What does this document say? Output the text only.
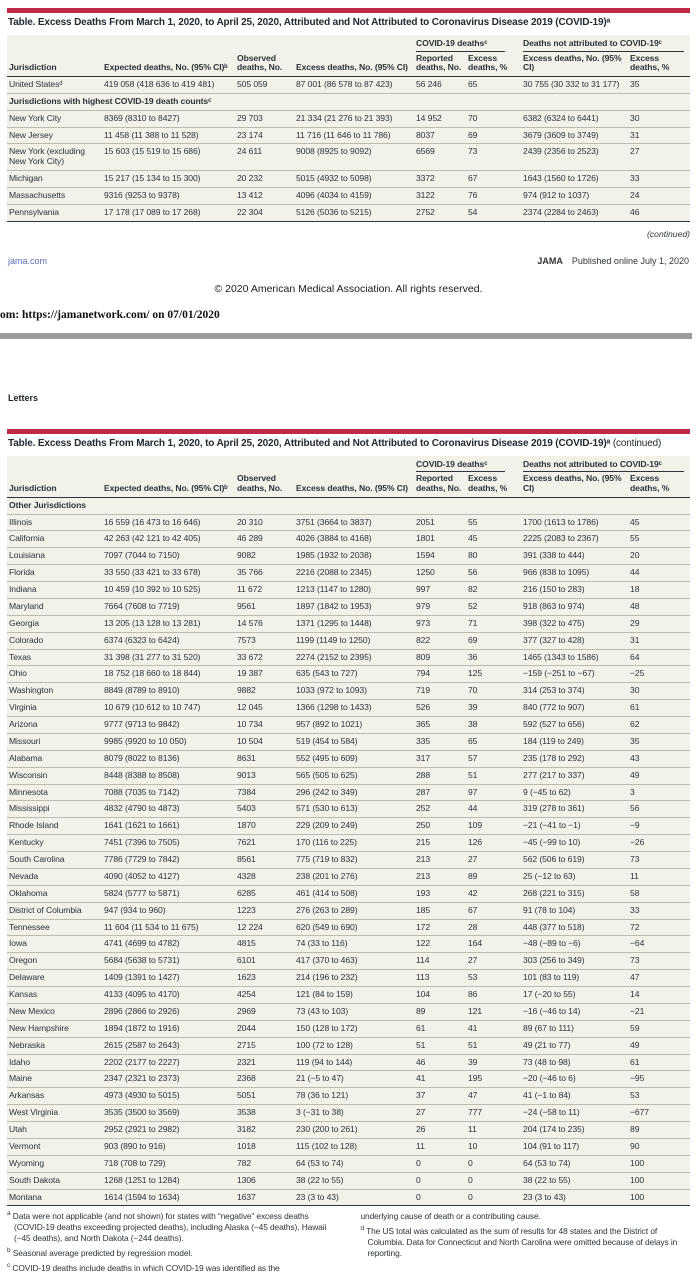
Table. Excess Deaths From March 1, 2020, to April 25, 2020, Attributed and Not Attributed to Coronavirus Disease 2019 (COVID-19)ᵃ

				COVID-19 deathsᶜ		Deaths not attributed to COVID-19ᶜ	

Jurisdiction	Expected deaths, No. (95% CI)ᵇ	Observed deaths, No.	Excess deaths, No. (95% CI)	Reported deaths, No.	Excess deaths, %	Excess deaths, No. (95% CI)	Excess deaths, %
United Statesᵈ	419 058 (418 636 to 419 481)	505 059	87 001 (86 578 to 87 423)	56 246	65	30 755 (30 332 to 31 177)	35
Jurisdictions with highest COVID-19 death countsᶜ							
New York City	8369 (8310 to 8427)	29 703	21 334 (21 276 to 21 393)	14 952	70	6382 (6324 to 6441)	30
New Jersey	11 458 (11 388 to 11 528)	23 174	11 716 (11 646 to 11 786)	8037	69	3679 (3609 to 3749)	31
New York (excluding New York City)	15 603 (15 519 to 15 686)	24 611	9008 (8925 to 9092)	6569	73	2439 (2356 to 2523)	27
Michigan	15 217 (15 134 to 15 300)	20 232	5015 (4932 to 5098)	3372	67	1643 (1560 to 1726)	33
Massachusetts	9316 (9253 to 9378)	13 412	4096 (4034 to 4159)	3122	76	974 (912 to 1037)	24
Pennsylvania	17 178 (17 089 to 17 268)	22 304	5126 (5036 to 5215)	2752	54	2374 (2284 to 2463)	46
(continued)
jama.com	JAMA Published online July 1, 2020
© 2020 American Medical Association. All rights reserved.
om: https://jamanetwork.com/ on 07/01/2020
Letters
Table. Excess Deaths From March 1, 2020, to April 25, 2020, Attributed and Not Attributed to Coronavirus Disease 2019 (COVID-19)ᵃ (continued)

				COVID-19 deathsᶜ		Deaths not attributed to COVID-19ᶜ	

Jurisdiction	Expected deaths, No. (95% CI)ᵇ	Observed deaths, No.	Excess deaths, No. (95% CI)	Reported deaths, No.	Excess deaths, %	Excess deaths, No. (95% CI)	Excess deaths, %
Other Jurisdictions							
Illinois	16 559 (16 473 to 16 646)	20 310	3751 (3664 to 3837)	2051	55	1700 (1613 to 1786)	45
California	42 263 (42 121 to 42 405)	46 289	4026 (3884 to 4168)	1801	45	2225 (2083 to 2367)	55
Louisiana	7097 (7044 to 7150)	9082	1985 (1932 to 2038)	1594	80	391 (338 to 444)	20
Florida	33 550 (33 421 to 33 678)	35 766	2216 (2088 to 2345)	1250	56	966 (838 to 1095)	44
Indiana	10 459 (10 392 to 10 525)	11 672	1213 (1147 to 1280)	997	82	216 (150 to 283)	18
Maryland	7664 (7608 to 7719)	9561	1897 (1842 to 1953)	979	52	918 (863 to 974)	48
Georgia	13 205 (13 128 to 13 281)	14 576	1371 (1295 to 1448)	973	71	398 (322 to 475)	29
Colorado	6374 (6323 to 6424)	7573	1199 (1149 to 1250)	822	69	377 (327 to 428)	31
Texas	31 398 (31 277 to 31 520)	33 672	2274 (2152 to 2395)	809	36	1465 (1343 to 1586)	64
Ohio	18 752 (18 660 to 18 844)	19 387	635 (543 to 727)	794	125	−159 (−251 to −67)	−25
Washington	8849 (8789 to 8910)	9882	1033 (972 to 1093)	719	70	314 (253 to 374)	30
Virginia	10 679 (10 612 to 10 747)	12 045	1366 (1298 to 1433)	526	39	840 (772 to 907)	61
Arizona	9777 (9713 to 9842)	10 734	957 (892 to 1021)	365	38	592 (527 to 656)	62
Missouri	9985 (9920 to 10 050)	10 504	519 (454 to 584)	335	65	184 (119 to 249)	35
Alabama	8079 (8022 to 8136)	8631	552 (495 to 609)	317	57	235 (178 to 292)	43
Wisconsin	8448 (8388 to 8508)	9013	565 (505 to 625)	288	51	277 (217 to 337)	49
Minnesota	7088 (7035 to 7142)	7384	296 (242 to 349)	287	97	9 (−45 to 62)	3
Mississippi	4832 (4790 to 4873)	5403	571 (530 to 613)	252	44	319 (278 to 361)	56
Rhode Island	1641 (1621 to 1661)	1870	229 (209 to 249)	250	109	−21 (−41 to −1)	−9
Kentucky	7451 (7396 to 7505)	7621	170 (116 to 225)	215	126	−45 (−99 to 10)	−26
South Carolina	7786 (7729 to 7842)	8561	775 (719 to 832)	213	27	562 (506 to 619)	73
Nevada	4090 (4052 to 4127)	4328	238 (201 to 276)	213	89	25 (−12 to 63)	11
Oklahoma	5824 (5777 to 5871)	6285	461 (414 to 508)	193	42	268 (221 to 315)	58
District of Columbia	947 (934 to 960)	1223	276 (263 to 289)	185	67	91 (78 to 104)	33
Tennessee	11 604 (11 534 to 11 675)	12 224	620 (549 to 690)	172	28	448 (377 to 518)	72
Iowa	4741 (4699 to 4782)	4815	74 (33 to 116)	122	164	−48 (−89 to −6)	−64
Oregon	5684 (5638 to 5731)	6101	417 (370 to 463)	114	27	303 (256 to 349)	73
Delaware	1409 (1391 to 1427)	1623	214 (196 to 232)	113	53	101 (83 to 119)	47
Kansas	4133 (4095 to 4170)	4254	121 (84 to 159)	104	86	17 (−20 to 55)	14
New Mexico	2896 (2866 to 2926)	2969	73 (43 to 103)	89	121	−16 (−46 to 14)	−21
New Hampshire	1894 (1872 to 1916)	2044	150 (128 to 172)	61	41	89 (67 to 111)	59
Nebraska	2615 (2587 to 2643)	2715	100 (72 to 128)	51	51	49 (21 to 77)	49
Idaho	2202 (2177 to 2227)	2321	119 (94 to 144)	46	39	73 (48 to 98)	61
Maine	2347 (2321 to 2373)	2368	21 (−5 to 47)	41	195	−20 (−46 to 6)	−95
Arkansas	4973 (4930 to 5015)	5051	78 (36 to 121)	37	47	41 (−1 to 84)	53
West Virginia	3535 (3500 to 3569)	3538	3 (−31 to 38)	27	777	−24 (−58 to 11)	−677
Utah	2952 (2921 to 2982)	3182	230 (200 to 261)	26	11	204 (174 to 235)	89
Vermont	903 (890 to 916)	1018	115 (102 to 128)	11	10	104 (91 to 117)	90
Wyoming	718 (708 to 729)	782	64 (53 to 74)	0	0	64 (53 to 74)	100
South Dakota	1268 (1251 to 1284)	1306	38 (22 to 55)	0	0	38 (22 to 55)	100
Montana	1614 (1594 to 1634)	1637	23 (3 to 43)	0	0	23 (3 to 43)	100
$^a$ Data were not applicable (and not shown) for states with “negative” excess deaths (COVID-19 deaths exceeding projected deaths), including Alaska (−45 deaths), Hawaii (−45 deaths), and North Dakota (−244 deaths).
$^b$ Seasonal average predicted by regression model.
$^c$ COVID-19 deaths include deaths in which COVID-19 was identified as the
underlying cause of death or a contributing cause.
$^d$ The US total was calculated as the sum of results for 48 states and the District of Columbia. Data for Connecticut and North Carolina were omitted because of delays in reporting.
